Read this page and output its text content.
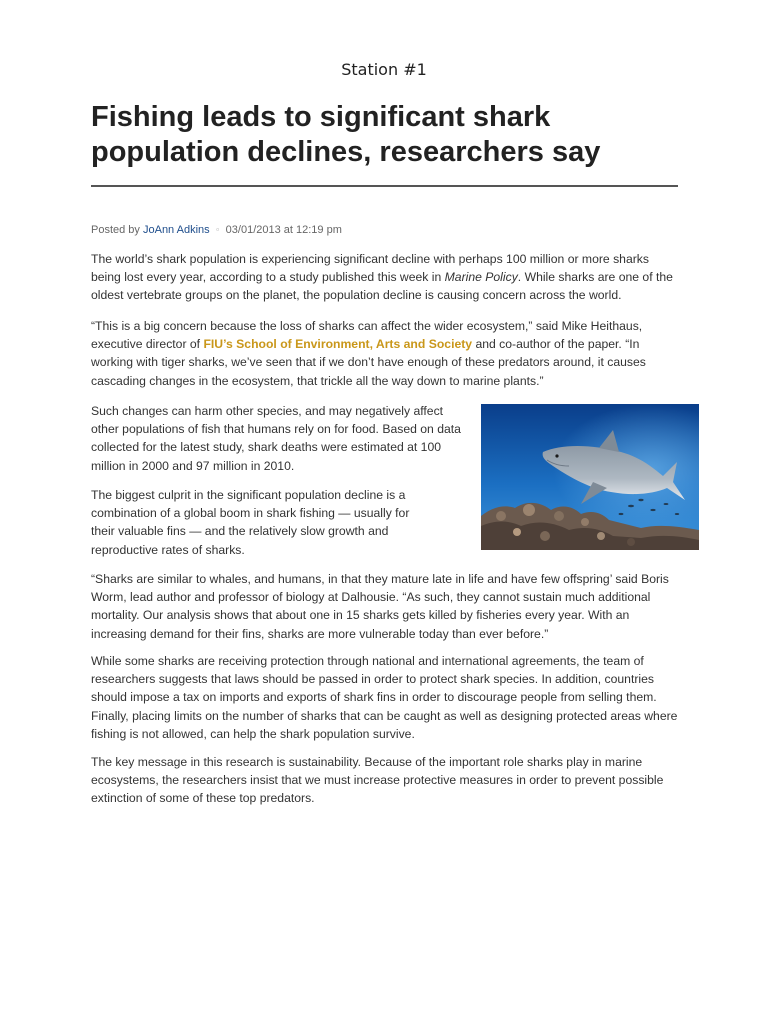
Station #1
Fishing leads to significant shark population declines, researchers say
Posted by JoAnn Adkins ◦ 03/01/2013 at 12:19 pm

The world’s shark population is experiencing significant decline with perhaps 100 million or more sharks being lost every year, according to a study published this week in Marine Policy. While sharks are one of the oldest vertebrate groups on the planet, the population decline is causing concern across the world.

“This is a big concern because the loss of sharks can affect the wider ecosystem,” said Mike Heithaus, executive director of FIU’s School of Environment, Arts and Society and co-author of the paper. “In working with tiger sharks, we’ve seen that if we don’t have enough of these predators around, it causes cascading changes in the ecosystem, that trickle all the way down to marine plants.”

Such changes can harm other species, and may negatively affect other populations of fish that humans rely on for food. Based on data collected for the latest study, shark deaths were estimated at 100 million in 2000 and 97 million in 2010.

The biggest culprit in the significant population decline is a combination of a global boom in shark fishing — usually for their valuable fins — and the relatively slow growth and reproductive rates of sharks.

“Sharks are similar to whales, and humans, in that they mature late in life and have few offspring’ said Boris Worm, lead author and professor of biology at Dalhousie. “As such, they cannot sustain much additional mortality. Our analysis shows that about one in 15 sharks gets killed by fisheries every year. With an increasing demand for their fins, sharks are more vulnerable today than ever before.”

While some sharks are receiving protection through national and international agreements, the team of researchers suggests that laws should be passed in order to protect shark species. In addition, countries should impose a tax on imports and exports of shark fins in order to discourage people from selling them. Finally, placing limits on the number of sharks that can be caught as well as designing protected areas where fishing is not allowed, can help the shark population survive.

The key message in this research is sustainability. Because of the important role sharks play in marine ecosystems, the researchers insist that we must increase protective measures in order to prevent possible extinction of some of these top predators.
